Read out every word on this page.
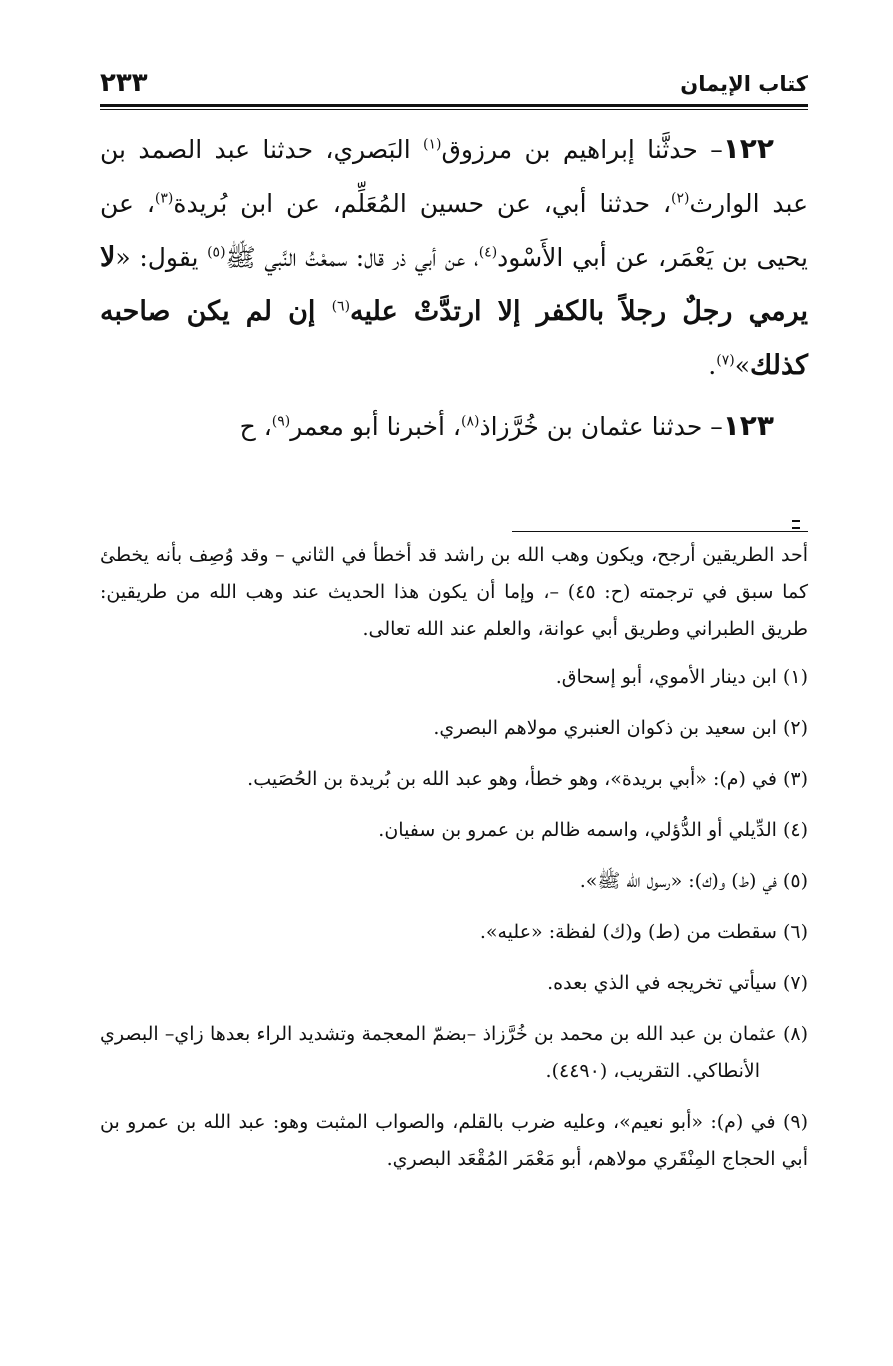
كتاب الإيمان
٢٣٣

١٢٢– حدثَّنا إبراهيم بن مرزوق$^{(١)}$ البَصري، حدثنا عبد الصمد بن عبد الوارث$^{(٢)}$، حدثنا أبي، عن حسين المُعَلِّم، عن ابن بُريدة$^{(٣)}$، عن يحيى بن يَعْمَر، عن أبي الأَسْود$^{(٤)}$، عن أبي ذر قال: سمعْتُ النَّبي ﷺ$^{(٥)}$ يقول: «لا يرمي رجلٌ رجلاً بالكفر إلا ارتدَّتْ عليه$^{(٦)}$ إن لم يكن صاحبه كذلك»$^{(٧)}$.

١٢٣– حدثنا عثمان بن خُرَّزاذ$^{(٨)}$، أخبرنا أبو معمر$^{(٩)}$، ح

أحد الطريقين أرجح، ويكون وهب الله بن راشد قد أخطأ في الثاني – وقد وُصِف بأنه يخطئ كما سبق في ترجمته (ح: ٤٥) –، وإما أن يكون هذا الحديث عند وهب الله من طريقين: طريق الطبراني وطريق أبي عوانة، والعلم عند الله تعالى.

(١) ابن دينار الأموي، أبو إسحاق.

(٢) ابن سعيد بن ذكوان العنبري مولاهم البصري.

(٣) في (م): «أبي بريدة»، وهو خطأ، وهو عبد الله بن بُريدة بن الحُصَيب.

(٤) الدِّيلي أو الدُّؤلي، واسمه ظالم بن عمرو بن سفيان.

(٥) في (ط) و(ك): «رسول الله ﷺ».

(٦) سقطت من (ط) و(ك) لفظة: «عليه».

(٧) سيأتي تخريجه في الذي بعده.

(٨) عثمان بن عبد الله بن محمد بن خُرَّزاذ –بضمّ المعجمة وتشديد الراء بعدها زاي– البصري الأنطاكي. التقريب، (٤٤٩٠).

(٩) في (م): «أبو نعيم»، وعليه ضرب بالقلم، والصواب المثبت وهو: عبد الله بن عمرو بن أبي الحجاج المِنْقَري مولاهم، أبو مَعْمَر المُقْعَد البصري.
